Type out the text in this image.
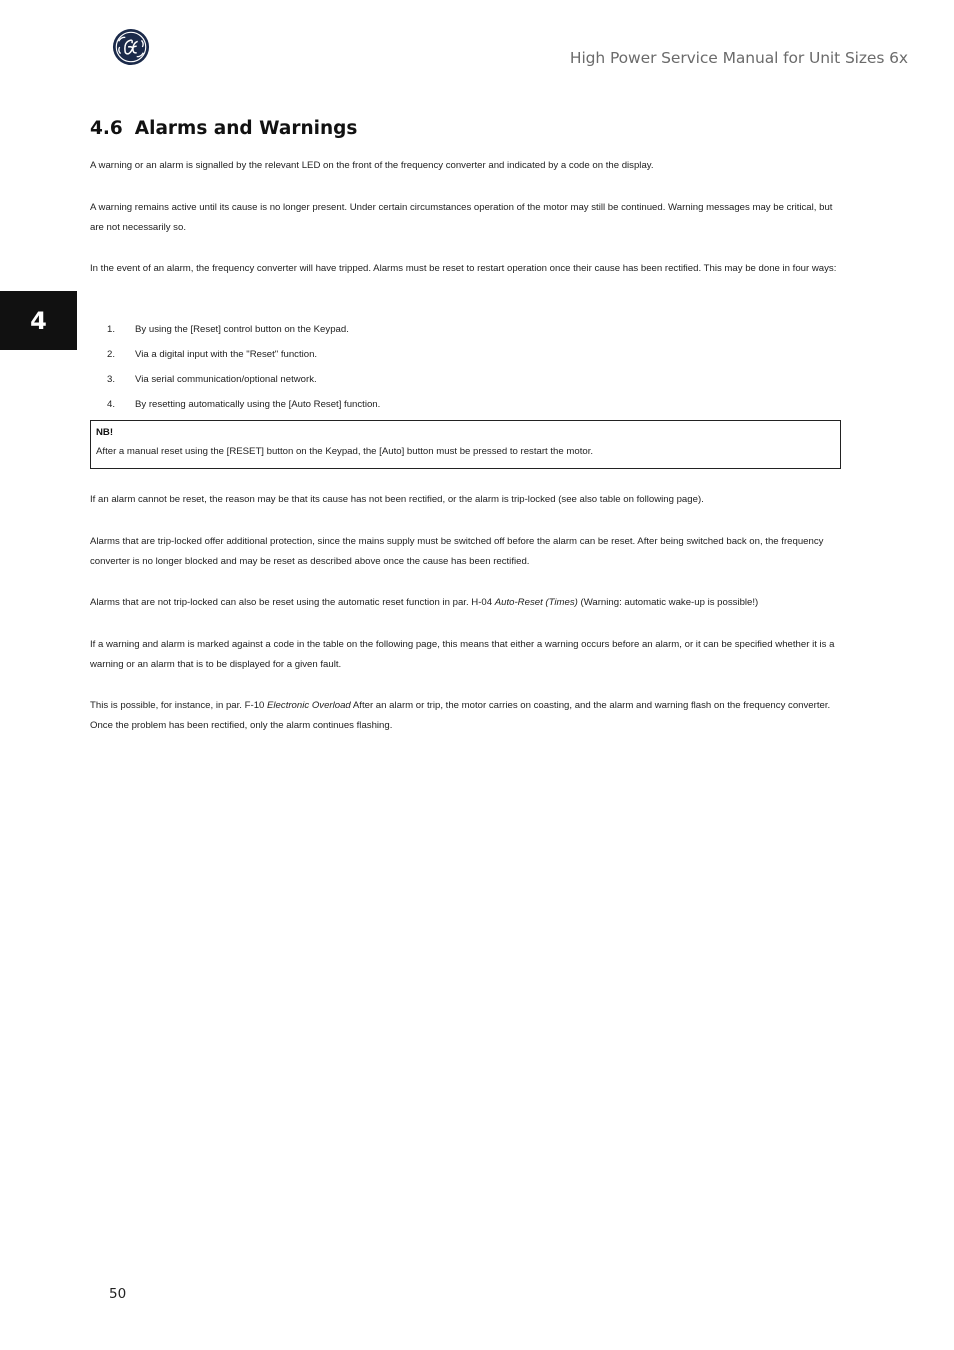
High Power Service Manual for Unit Sizes 6x
4
4.6 Alarms and Warnings

A warning or an alarm is signalled by the relevant LED on the front of the frequency converter and indicated by a code on the display.

A warning remains active until its cause is no longer present. Under certain circumstances operation of the motor may still be continued. Warning messages may be critical, but are not necessarily so.

In the event of an alarm, the frequency converter will have tripped. Alarms must be reset to restart operation once their cause has been rectified. This may be done in four ways:

1. By using the [Reset] control button on the Keypad.

2. Via a digital input with the "Reset" function.

3. Via serial communication/optional network.

4. By resetting automatically using the [Auto Reset] function.

NB!
After a manual reset using the [RESET] button on the Keypad, the [Auto] button must be pressed to restart the motor.

If an alarm cannot be reset, the reason may be that its cause has not been rectified, or the alarm is trip-locked (see also table on following page).

Alarms that are trip-locked offer additional protection, since the mains supply must be switched off before the alarm can be reset. After being switched back on, the frequency converter is no longer blocked and may be reset as described above once the cause has been rectified.

Alarms that are not trip-locked can also be reset using the automatic reset function in par. H-04 Auto-Reset (Times) (Warning: automatic wake-up is possible!)

If a warning and alarm is marked against a code in the table on the following page, this means that either a warning occurs before an alarm, or it can be specified whether it is a warning or an alarm that is to be displayed for a given fault.

This is possible, for instance, in par. F-10 Electronic Overload After an alarm or trip, the motor carries on coasting, and the alarm and warning flash on the frequency converter. Once the problem has been rectified, only the alarm continues flashing.

50
